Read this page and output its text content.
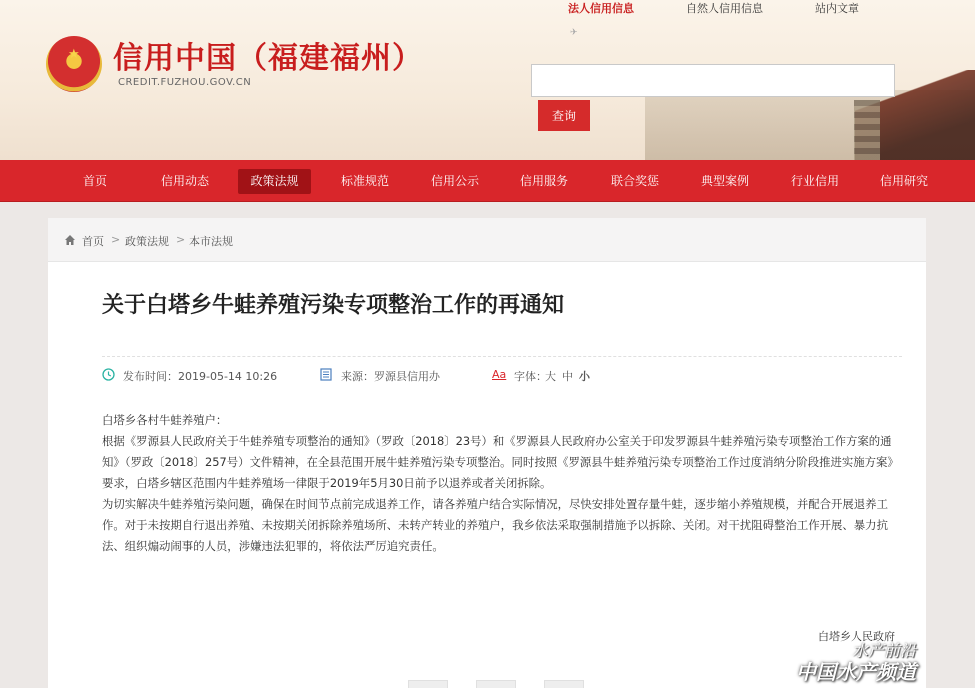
★ 信用中国（福建福州）
CREDIT.FUZHOU.GOV.CN
✈
法人信用信息	自然人信用信息	站内文章
查询
首页	信用动态	政策法规	标准规范	信用公示	信用服务	联合奖惩	典型案例	行业信用	信用研究
首页 > 政策法规 > 本市法规
关于白塔乡牛蛙养殖污染专项整治工作的再通知
发布时间：2019-05-14 10:26	来源：罗源县信用办	Aa 字体：
大 中 小

白塔乡各村牛蛙养殖户：

根据《罗源县人民政府关于牛蛙养殖专项整治的通知》（罗政〔2018〕23号）和《罗源县人民政府办公室关于印发罗源县牛蛙养殖污染专项整治工作方案的通知》（罗政〔2018〕257号）文件精神，在全县范围开展牛蛙养殖污染专项整治。同时按照《罗源县牛蛙养殖污染专项整治工作过度消纳分阶段推进实施方案》要求，白塔乡辖区范围内牛蛙养殖场一律限于2019年5月30日前予以退养或者关闭拆除。

为切实解决牛蛙养殖污染问题，确保在时间节点前完成退养工作，请各养殖户结合实际情况，尽快安排处置存量牛蛙，逐步缩小养殖规模，并配合开展退养工作。对于未按期自行退出养殖、未按期关闭拆除养殖场所、未转产转业的养殖户，我乡依法采取强制措施予以拆除、关闭。对干扰阻碍整治工作开展、暴力抗法、组织煽动闹事的人员，涉嫌违法犯罪的，将依法严厉追究责任。

白塔乡人民政府
水产前沿
中国水产频道
